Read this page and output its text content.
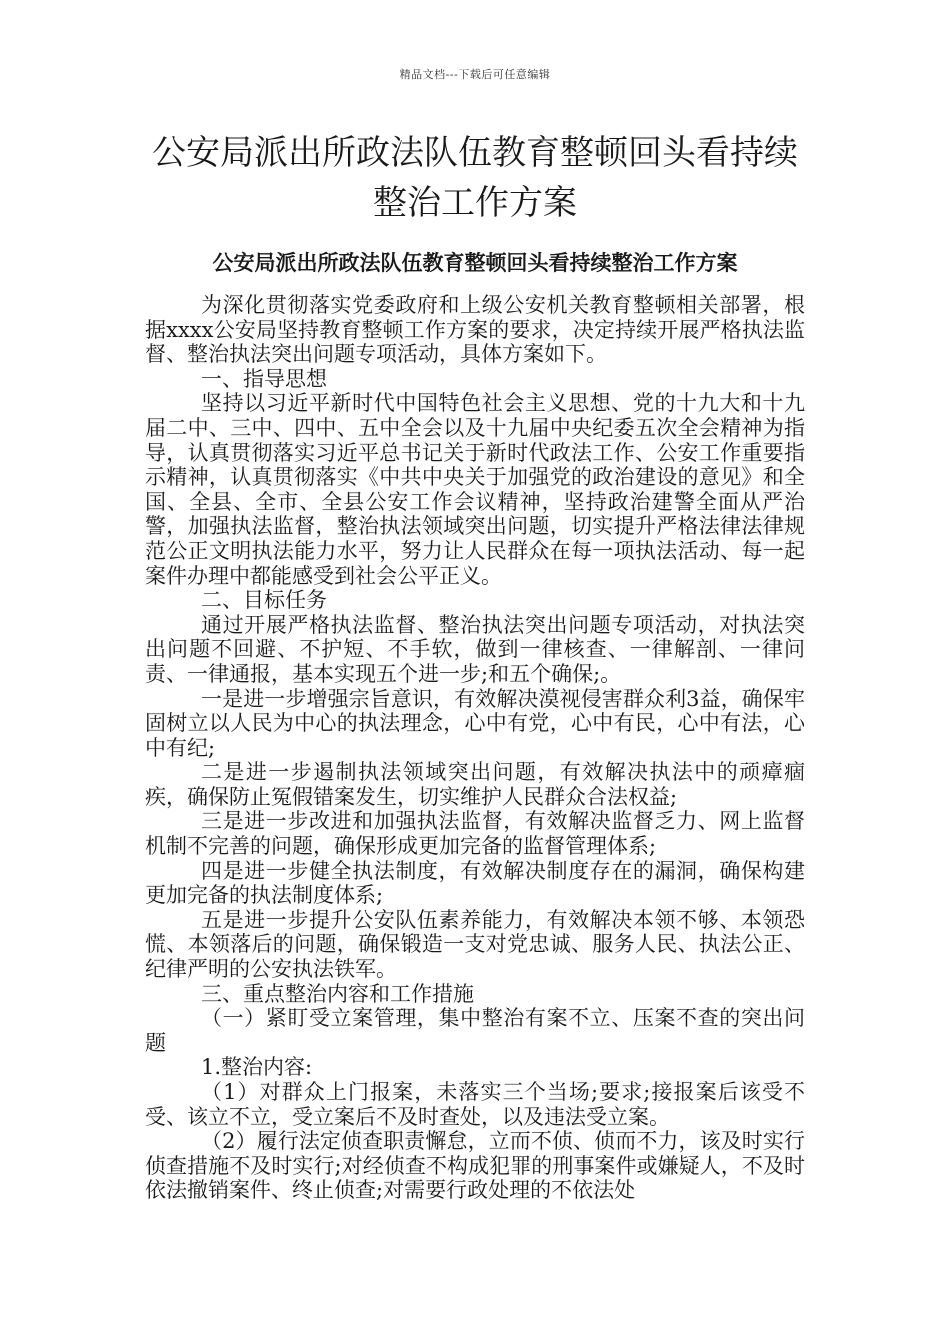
精品文档---下载后可任意编辑
公安局派出所政法队伍教育整顿回头看持续整治工作方案
公安局派出所政法队伍教育整顿回头看持续整治工作方案

为深化贯彻落实党委政府和上级公安机关教育整顿相关部署，根据xxxx公安局坚持教育整顿工作方案的要求，决定持续开展严格执法监督、整治执法突出问题专项活动，具体方案如下。

一、指导思想

坚持以习近平新时代中国特色社会主义思想、党的十九大和十九届二中、三中、四中、五中全会以及十九届中央纪委五次全会精神为指导，认真贯彻落实习近平总书记关于新时代政法工作、公安工作重要指示精神，认真贯彻落实《中共中央关于加强党的政治建设的意见》和全国、全县、全市、全县公安工作会议精神，坚持政治建警全面从严治警，加强执法监督，整治执法领域突出问题，切实提升严格法律法律规范公正文明执法能力水平，努力让人民群众在每一项执法活动、每一起案件办理中都能感受到社会公平正义。

二、目标任务

通过开展严格执法监督、整治执法突出问题专项活动，对执法突出问题不回避、不护短、不手软，做到一律核查、一律解剖、一律问责、一律通报，基本实现五个进一步;和五个确保;。

一是进一步增强宗旨意识，有效解决漠视侵害群众利3益，确保牢固树立以人民为中心的执法理念，心中有党，心中有民，心中有法，心中有纪;

二是进一步遏制执法领域突出问题，有效解决执法中的顽瘴痼疾，确保防止冤假错案发生，切实维护人民群众合法权益;

三是进一步改进和加强执法监督，有效解决监督乏力、网上监督机制不完善的问题，确保形成更加完备的监督管理体系;

四是进一步健全执法制度，有效解决制度存在的漏洞，确保构建更加完备的执法制度体系;

五是进一步提升公安队伍素养能力，有效解决本领不够、本领恐慌、本领落后的问题，确保锻造一支对党忠诚、服务人民、执法公正、纪律严明的公安执法铁军。

三、重点整治内容和工作措施

（一）紧盯受立案管理，集中整治有案不立、压案不查的突出问题

1.整治内容:

（1）对群众上门报案，未落实三个当场;要求;接报案后该受不受、该立不立，受立案后不及时查处，以及违法受立案。

（2）履行法定侦查职责懈怠，立而不侦、侦而不力，该及时实行侦查措施不及时实行;对经侦查不构成犯罪的刑事案件或嫌疑人，不及时依法撤销案件、终止侦查;对需要行政处理的不依法处
